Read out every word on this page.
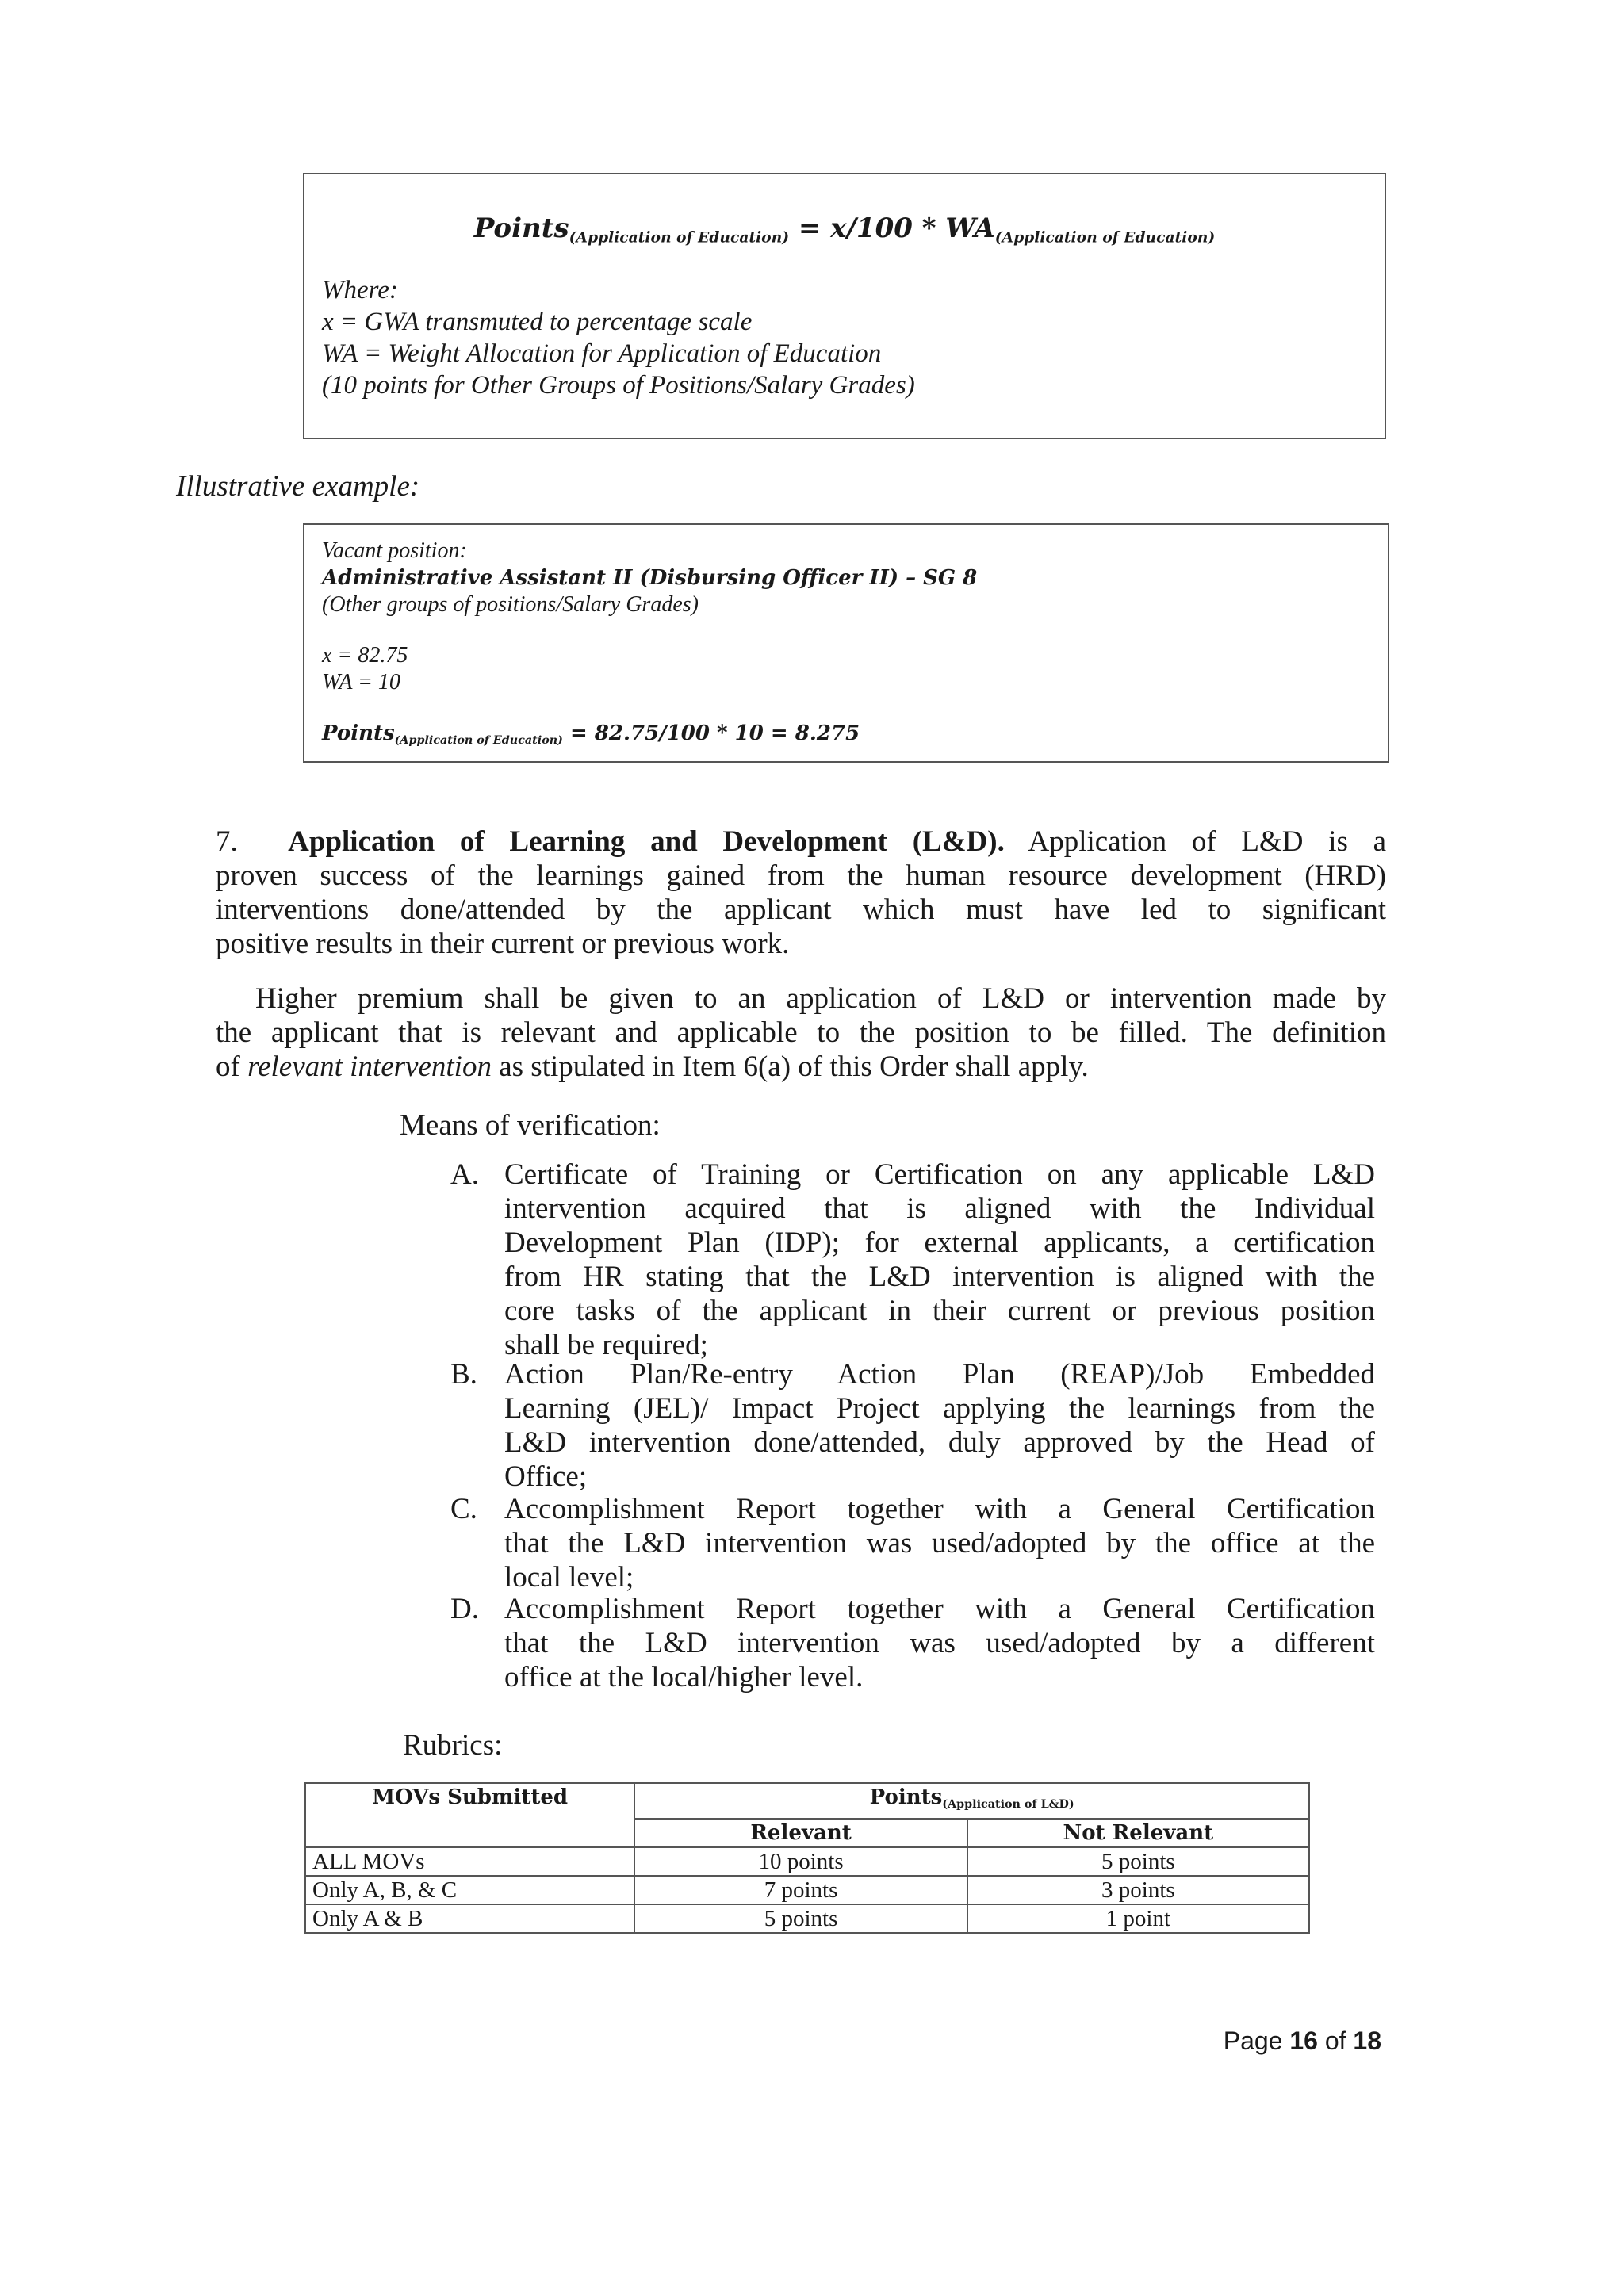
Points$_{(Application of Education)}$ = $x/100 * WA_{(Application of Education)}$
Where:
x = GWA transmuted to percentage scale
WA = Weight Allocation for Application of Education
(10 points for Other Groups of Positions/Salary Grades)
Illustrative example:
Vacant position:
Administrative Assistant II (Disbursing Officer II) – SG 8
(Other groups of positions/Salary Grades)
x = 82.75
WA = 10
Points$_{(Application of Education)}$ = 82.75/100 * 10 = 8.275
7. Application of Learning and Development (L&D). Application of L&D is a
proven success of the learnings gained from the human resource development (HRD)
interventions done/attended by the applicant which must have led to significant
positive results in their current or previous work.
Higher premium shall be given to an application of L&D or intervention made by
the applicant that is relevant and applicable to the position to be filled. The definition
of relevant intervention as stipulated in Item 6(a) of this Order shall apply.
Means of verification:
A. Certificate of Training or Certification on any applicable L&D
intervention acquired that is aligned with the Individual
Development Plan (IDP); for external applicants, a certification
from HR stating that the L&D intervention is aligned with the
core tasks of the applicant in their current or previous position
shall be required;
B. Action Plan/Re-entry Action Plan (REAP)/Job Embedded
Learning (JEL)/ Impact Project applying the learnings from the
L&D intervention done/attended, duly approved by the Head of
Office;
C. Accomplishment Report together with a General Certification
that the L&D intervention was used/adopted by the office at the
local level;
D. Accomplishment Report together with a General Certification
that the L&D intervention was used/adopted by a different
office at the local/higher level.
Rubrics:
MOVs Submitted	Points$_{(Application of L\&D)}$
	Relevant	Not Relevant
ALL MOVs	10 points	5 points
Only A, B, & C	7 points	3 points
Only A & B	5 points	1 point
Page 16 of 18
